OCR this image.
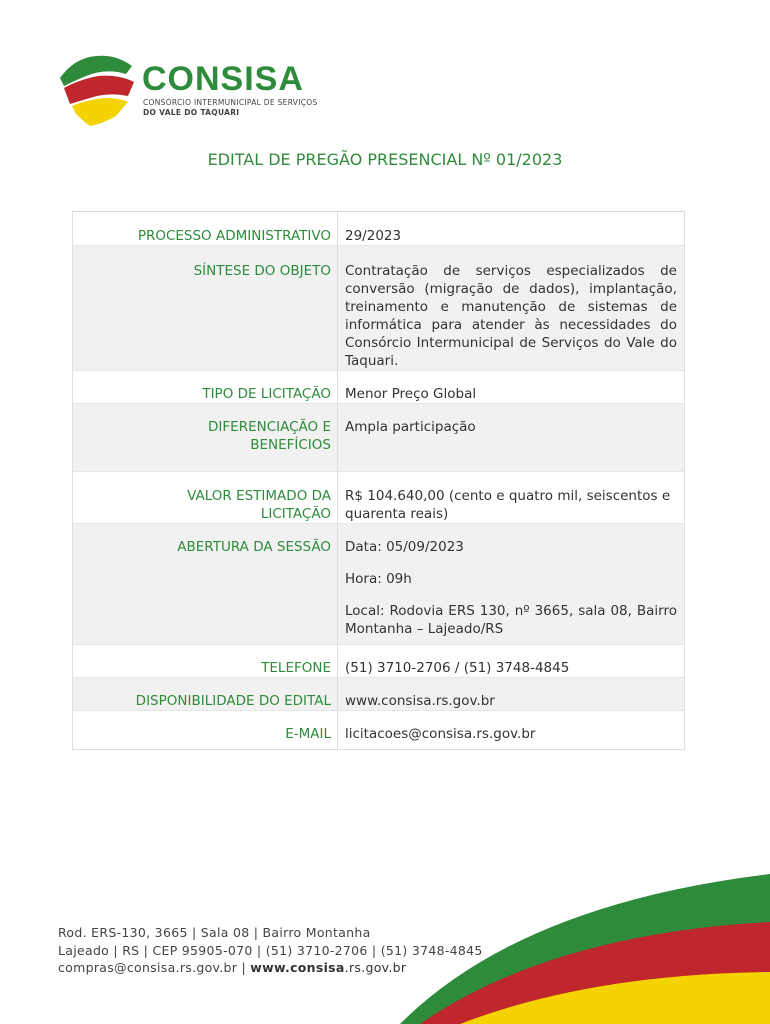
CONSISA
CONSÓRCIO INTERMUNICIPAL DE SERVIÇOS
DO VALE DO TAQUARI
EDITAL DE PREGÃO PRESENCIAL Nº 01/2023
PROCESSO ADMINISTRATIVO	29/2023

SÍNTESE DO OBJETO	Contratação de serviços especializados de conversão (migração de dados), implantação, treinamento e manutenção de sistemas de informática para atender às necessidades do Consórcio Intermunicipal de Serviços do Vale do Taquari.

TIPO DE LICITAÇÃO	Menor Preço Global

DIFERENCIAÇÃO E BENEFÍCIOS	Ampla participação

VALOR ESTIMADO DA LICITAÇÃO	R$ 104.640,00 (cento e quatro mil, seiscentos e quarenta reais)

ABERTURA DA SESSÃO	Data: 05/09/2023
Hora: 09h
Local: Rodovia ERS 130, nº 3665, sala 08, Bairro Montanha – Lajeado/RS

TELEFONE	(51) 3710-2706 / (51) 3748-4845

DISPONIBILIDADE DO EDITAL	www.consisa.rs.gov.br

E-MAIL	licitacoes@consisa.rs.gov.br
Rod. ERS-130, 3665 | Sala 08 | Bairro Montanha
Lajeado | RS | CEP 95905-070 | (51) 3710-2706 | (51) 3748-4845
compras@consisa.rs.gov.br | www.consisa.rs.gov.br
